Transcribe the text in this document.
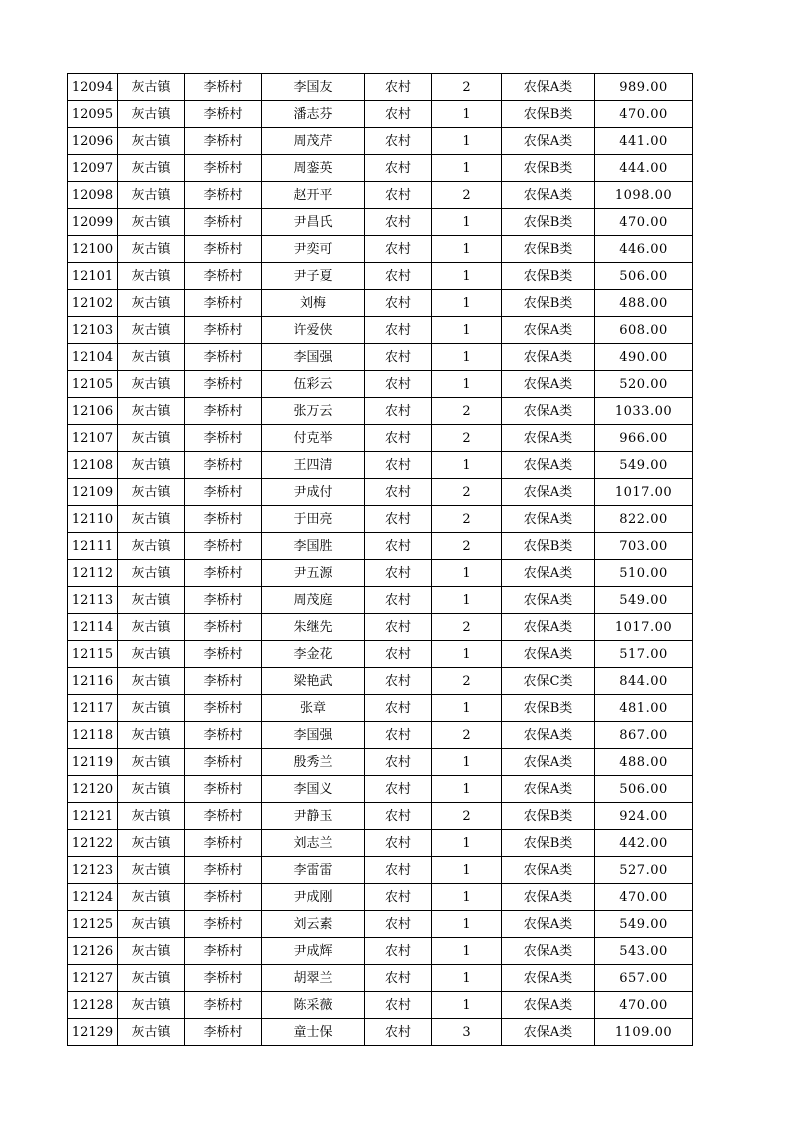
12094	灰古镇	李桥村	李国友	农村	2	农保A类	989.00
12095	灰古镇	李桥村	潘志芬	农村	1	农保B类	470.00
12096	灰古镇	李桥村	周茂芹	农村	1	农保A类	441.00
12097	灰古镇	李桥村	周銮英	农村	1	农保B类	444.00
12098	灰古镇	李桥村	赵开平	农村	2	农保A类	1098.00
12099	灰古镇	李桥村	尹昌氏	农村	1	农保B类	470.00
12100	灰古镇	李桥村	尹奕可	农村	1	农保B类	446.00
12101	灰古镇	李桥村	尹子夏	农村	1	农保B类	506.00
12102	灰古镇	李桥村	刘梅	农村	1	农保B类	488.00
12103	灰古镇	李桥村	许爱侠	农村	1	农保A类	608.00
12104	灰古镇	李桥村	李国强	农村	1	农保A类	490.00
12105	灰古镇	李桥村	伍彩云	农村	1	农保A类	520.00
12106	灰古镇	李桥村	张万云	农村	2	农保A类	1033.00
12107	灰古镇	李桥村	付克举	农村	2	农保A类	966.00
12108	灰古镇	李桥村	王四清	农村	1	农保A类	549.00
12109	灰古镇	李桥村	尹成付	农村	2	农保A类	1017.00
12110	灰古镇	李桥村	于田亮	农村	2	农保A类	822.00
12111	灰古镇	李桥村	李国胜	农村	2	农保B类	703.00
12112	灰古镇	李桥村	尹五源	农村	1	农保A类	510.00
12113	灰古镇	李桥村	周茂庭	农村	1	农保A类	549.00
12114	灰古镇	李桥村	朱继先	农村	2	农保A类	1017.00
12115	灰古镇	李桥村	李金花	农村	1	农保A类	517.00
12116	灰古镇	李桥村	梁艳武	农村	2	农保C类	844.00
12117	灰古镇	李桥村	张章	农村	1	农保B类	481.00
12118	灰古镇	李桥村	李国强	农村	2	农保A类	867.00
12119	灰古镇	李桥村	殷秀兰	农村	1	农保A类	488.00
12120	灰古镇	李桥村	李国义	农村	1	农保A类	506.00
12121	灰古镇	李桥村	尹静玉	农村	2	农保B类	924.00
12122	灰古镇	李桥村	刘志兰	农村	1	农保B类	442.00
12123	灰古镇	李桥村	李雷雷	农村	1	农保A类	527.00
12124	灰古镇	李桥村	尹成刚	农村	1	农保A类	470.00
12125	灰古镇	李桥村	刘云素	农村	1	农保A类	549.00
12126	灰古镇	李桥村	尹成辉	农村	1	农保A类	543.00
12127	灰古镇	李桥村	胡翠兰	农村	1	农保A类	657.00
12128	灰古镇	李桥村	陈采薇	农村	1	农保A类	470.00
12129	灰古镇	李桥村	童士保	农村	3	农保A类	1109.00
